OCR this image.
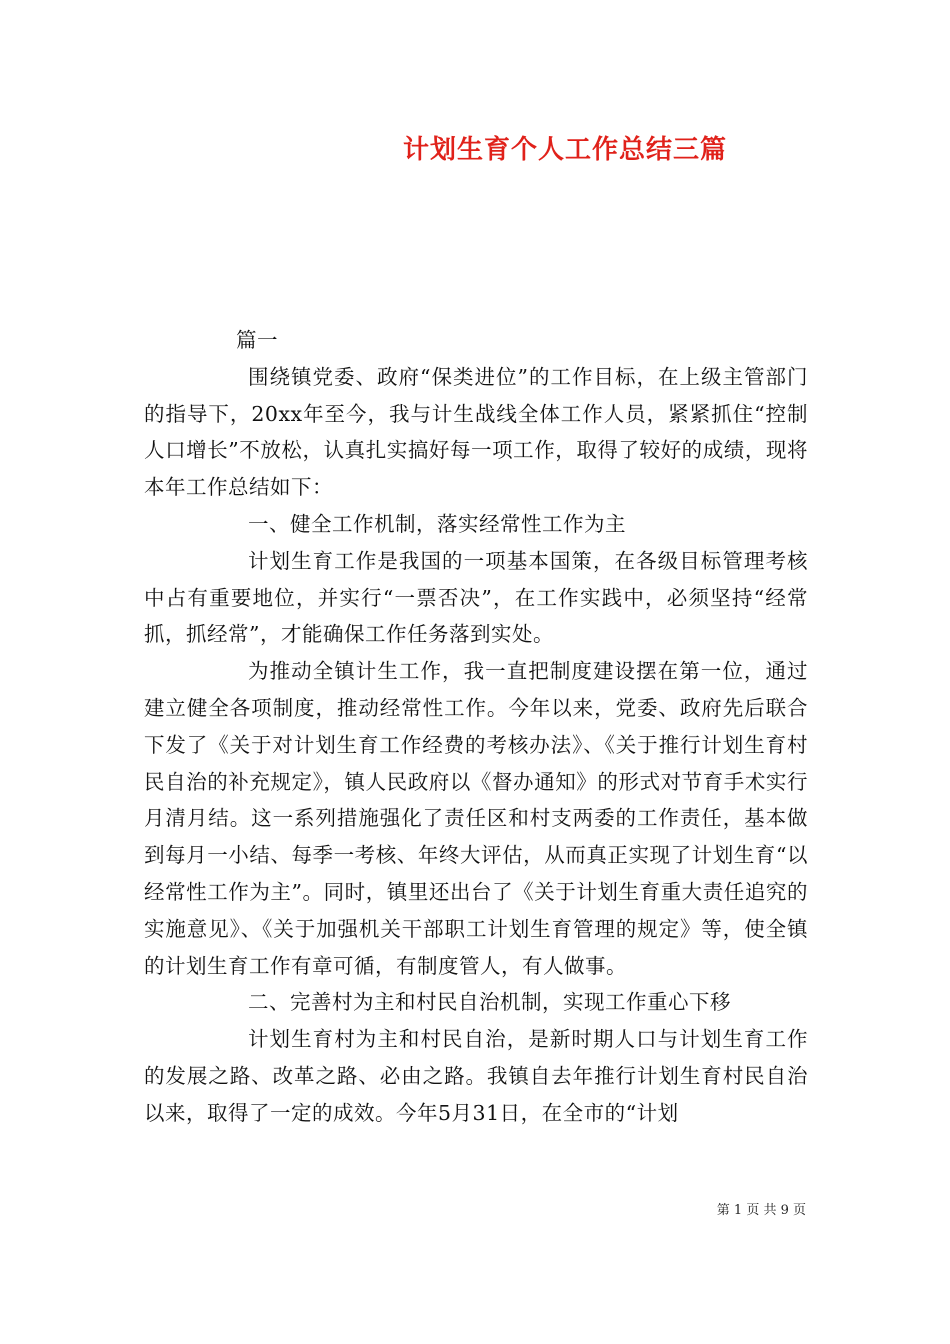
计划生育个人工作总结三篇

篇一

围绕镇党委、政府“保类进位”的工作目标，在上级主管部门的指导下，20xx年至今，我与计生战线全体工作人员，紧紧抓住“控制人口增长”不放松，认真扎实搞好每一项工作，取得了较好的成绩，现将本年工作总结如下：

一、健全工作机制，落实经常性工作为主

计划生育工作是我国的一项基本国策，在各级目标管理考核中占有重要地位，并实行“一票否决”，在工作实践中，必须坚持“经常抓，抓经常”，才能确保工作任务落到实处。

为推动全镇计生工作，我一直把制度建设摆在第一位，通过建立健全各项制度，推动经常性工作。今年以来，党委、政府先后联合下发了《关于对计划生育工作经费的考核办法》、《关于推行计划生育村民自治的补充规定》，镇人民政府以《督办通知》的形式对节育手术实行月清月结。这一系列措施强化了责任区和村支两委的工作责任，基本做到每月一小结、每季一考核、年终大评估，从而真正实现了计划生育“以经常性工作为主”。同时，镇里还出台了《关于计划生育重大责任追究的实施意见》、《关于加强机关干部职工计划生育管理的规定》等，使全镇的计划生育工作有章可循，有制度管人，有人做事。

二、完善村为主和村民自治机制，实现工作重心下移

计划生育村为主和村民自治，是新时期人口与计划生育工作的发展之路、改革之路、必由之路。我镇自去年推行计划生育村民自治以来，取得了一定的成效。今年5月31日，在全市的“计划

第 1 页 共 9 页
